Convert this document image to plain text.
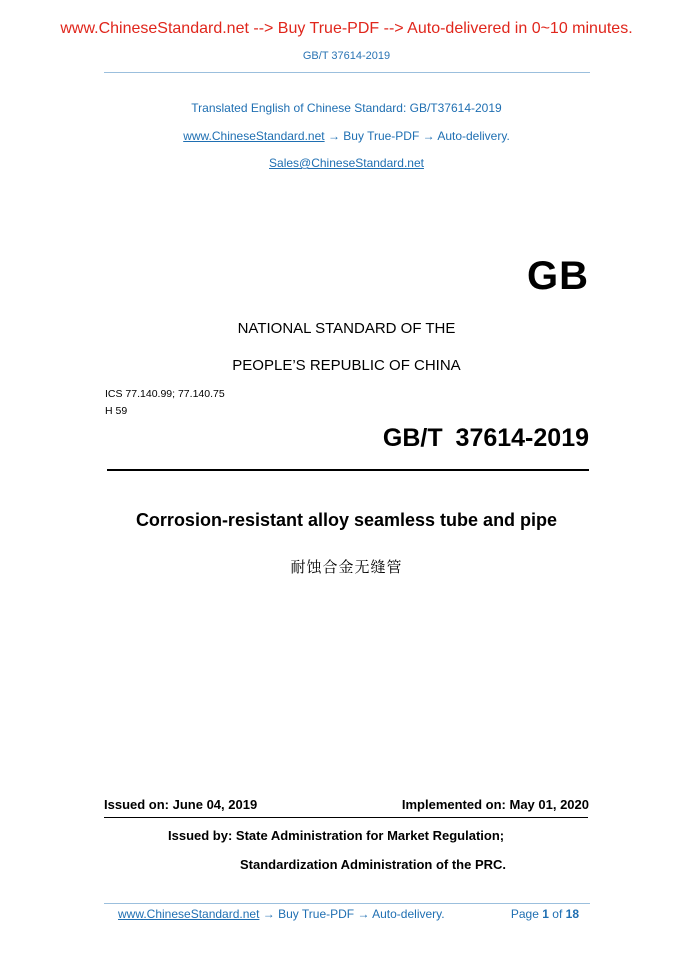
www.ChineseStandard.net --> Buy True-PDF --> Auto-delivered in 0~10 minutes.
GB/T 37614-2019
Translated English of Chinese Standard: GB/T37614-2019
www.ChineseStandard.net → Buy True-PDF → Auto-delivery.
Sales@ChineseStandard.net
GB
NATIONAL STANDARD OF THE
PEOPLE’S REPUBLIC OF CHINA
ICS 77.140.99; 77.140.75
H 59
GB/T 37614-2019
Corrosion-resistant alloy seamless tube and pipe
耐蚀合金无缝管
Issued on: June 04, 2019	Implemented on: May 01, 2020
Issued by: State Administration for Market Regulation;
Standardization Administration of the PRC.
www.ChineseStandard.net → Buy True-PDF → Auto-delivery.	Page 1 of 18
